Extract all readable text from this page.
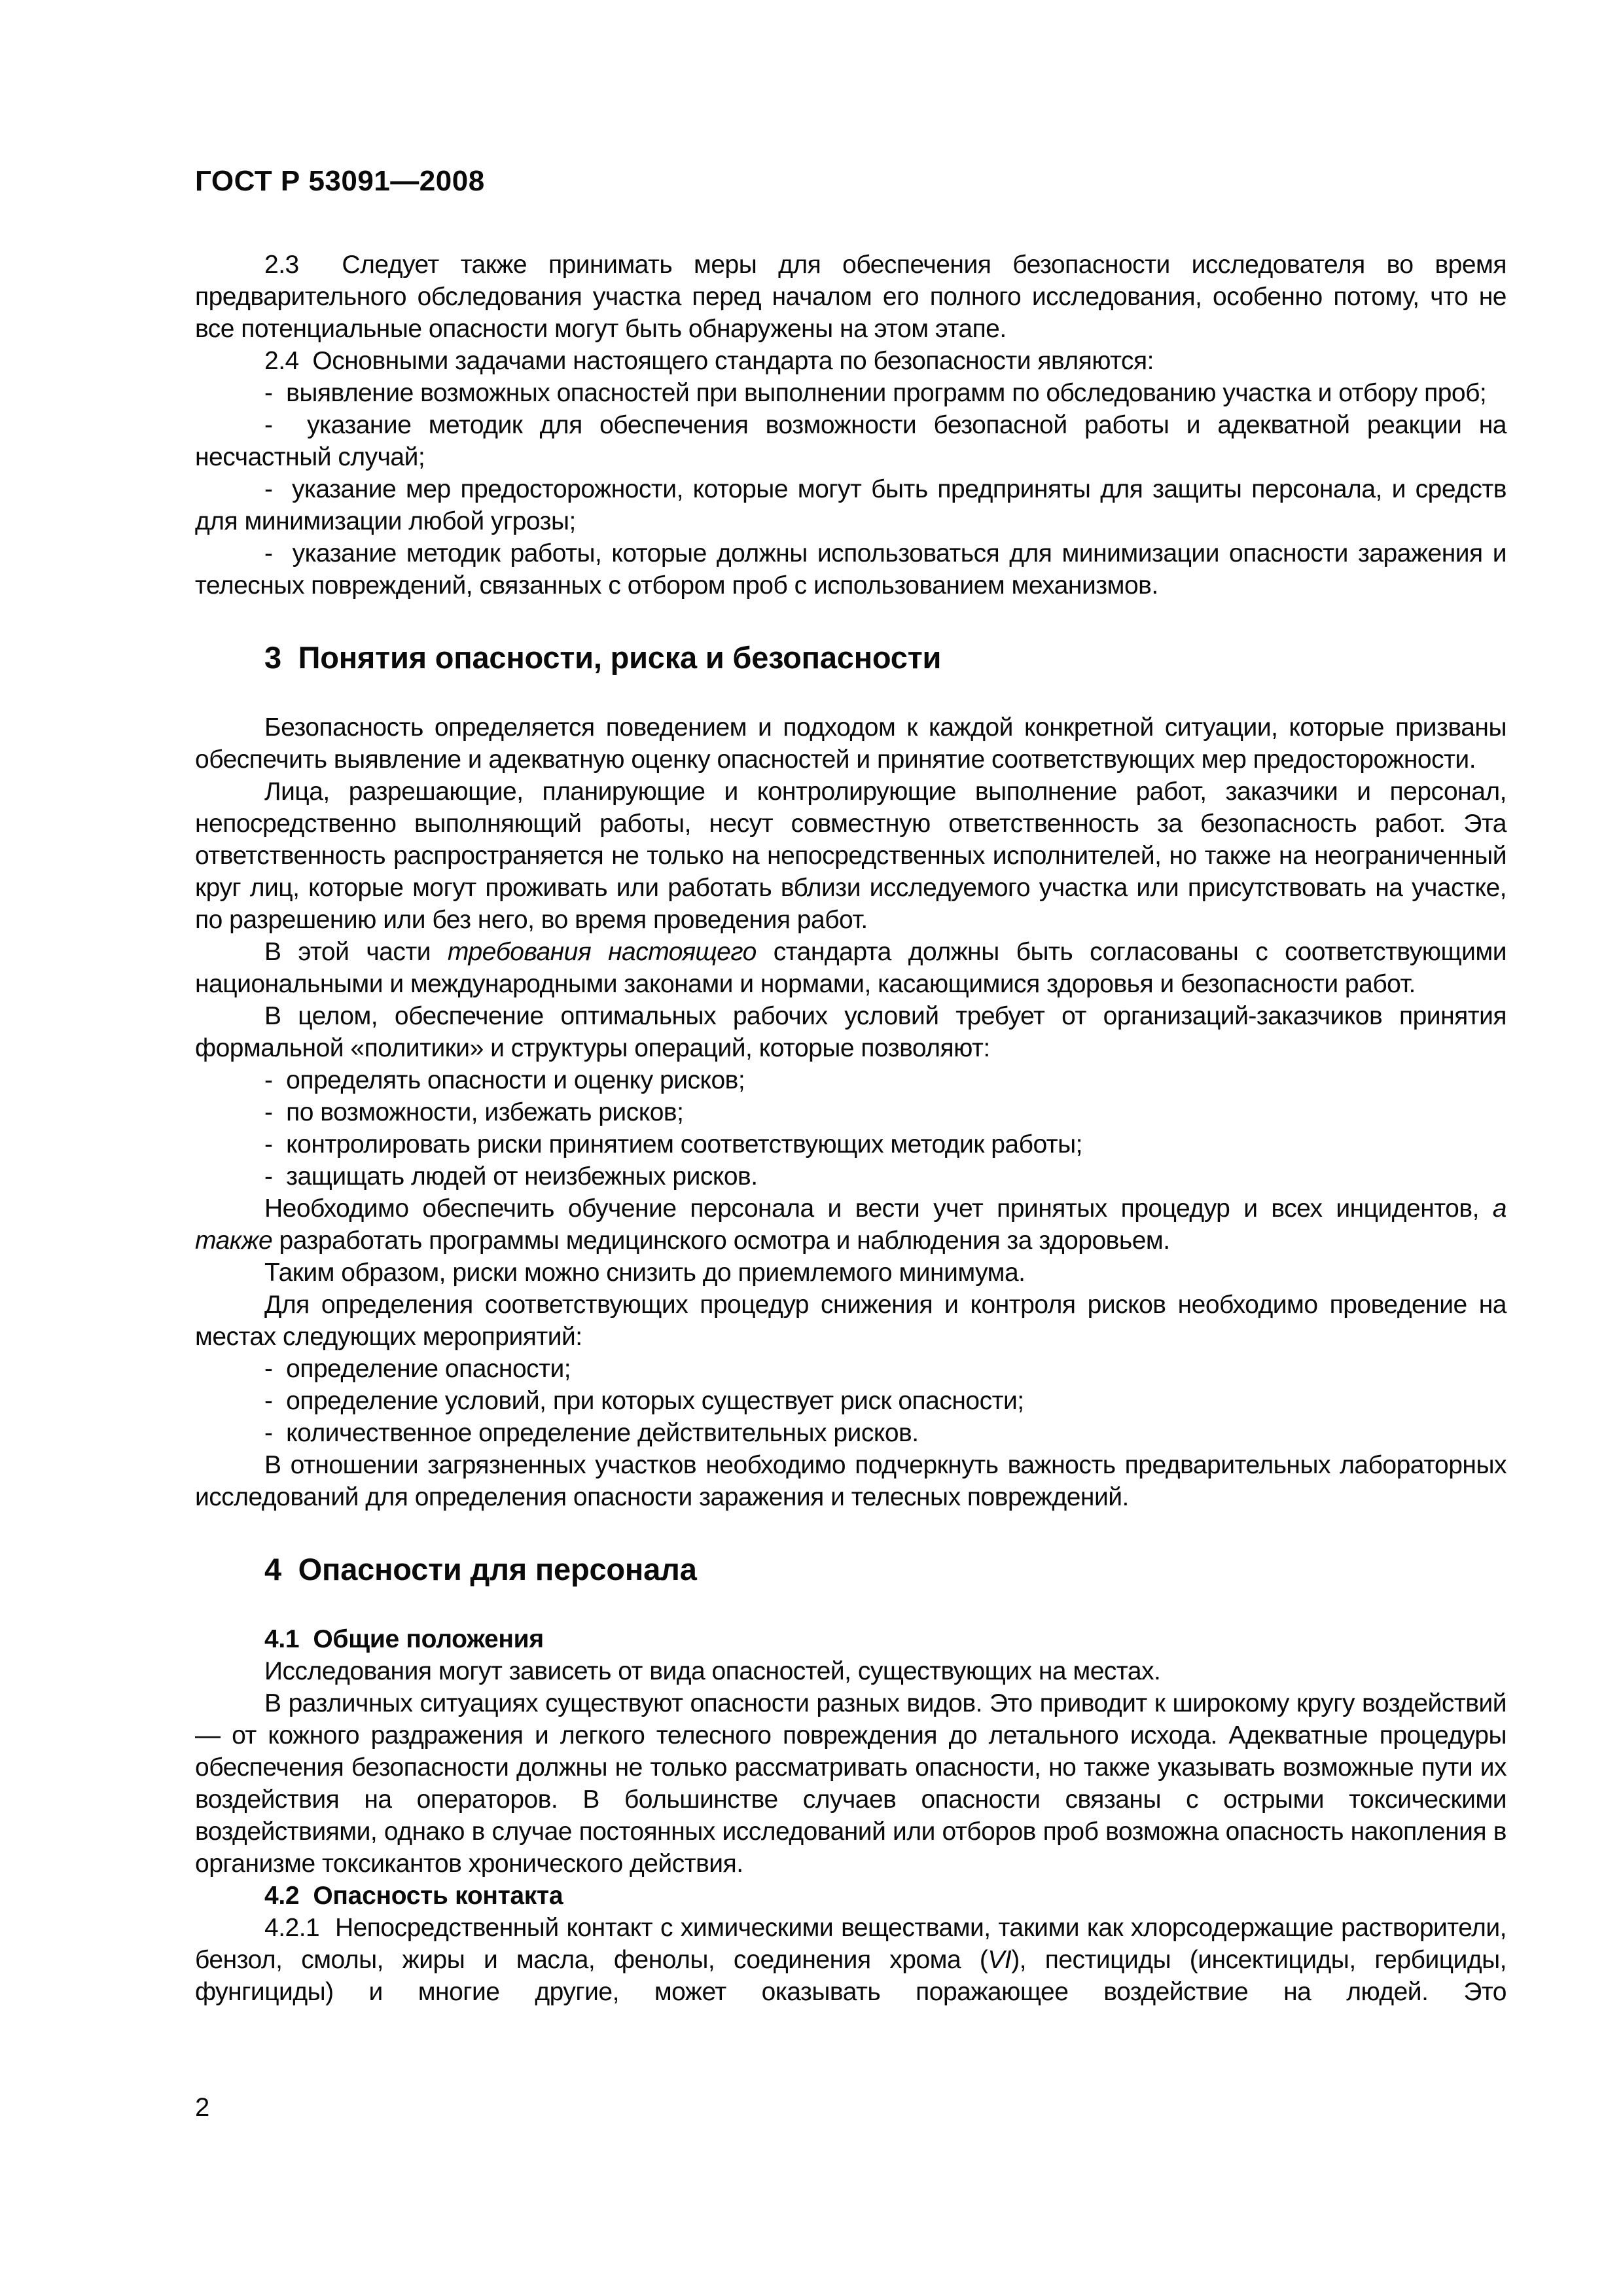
ГОСТ Р 53091—2008

2.3  Следует также принимать меры для обеспечения безопасности исследователя во время предварительного обследования участка перед началом его полного исследования, особенно потому, что не все потенциальные опасности могут быть обнаружены на этом этапе.

2.4  Основными задачами настоящего стандарта по безопасности являются:

-  выявление возможных опасностей при выполнении программ по обследованию участка и отбору проб;

-  указание методик для обеспечения возможности безопасной работы и адекватной реакции на несчастный случай;

-  указание мер предосторожности, которые могут быть предприняты для защиты персонала, и средств для минимизации любой угрозы;

-  указание методик работы, которые должны использоваться для минимизации опасности заражения и телесных повреждений, связанных с отбором проб с использованием механизмов.

3  Понятия опасности, риска и безопасности

Безопасность определяется поведением и подходом к каждой конкретной ситуации, которые призваны обеспечить выявление и адекватную оценку опасностей и принятие соответствующих мер предосторожности.

Лица, разрешающие, планирующие и контролирующие выполнение работ, заказчики и персонал, непосредственно выполняющий работы, несут совместную ответственность за безопасность работ. Эта ответственность распространяется не только на непосредственных исполнителей, но также на неограниченный круг лиц, которые могут проживать или работать вблизи исследуемого участка или присутствовать на участке, по разрешению или без него, во время проведения работ.

В этой части требования настоящего стандарта должны быть согласованы с соответствующими национальными и международными законами и нормами, касающимися здоровья и безопасности работ.

В целом, обеспечение оптимальных рабочих условий требует от организаций-заказчиков принятия формальной «политики» и структуры операций, которые позволяют:

-  определять опасности и оценку рисков;

-  по возможности, избежать рисков;

-  контролировать риски принятием соответствующих методик работы;

-  защищать людей от неизбежных рисков.

Необходимо обеспечить обучение персонала и вести учет принятых процедур и всех инцидентов, а также разработать программы медицинского осмотра и наблюдения за здоровьем.

Таким образом, риски можно снизить до приемлемого минимума.

Для определения соответствующих процедур снижения и контроля рисков необходимо проведение на местах следующих мероприятий:

-  определение опасности;

-  определение условий, при которых существует риск опасности;

-  количественное определение действительных рисков.

В отношении загрязненных участков необходимо подчеркнуть важность предварительных лабораторных исследований для определения опасности заражения и телесных повреждений.

4  Опасности для персонала
4.1  Общие положения

Исследования могут зависеть от вида опасностей, существующих на местах.

В различных ситуациях существуют опасности разных видов. Это приводит к широкому кругу воздействий — от кожного раздражения и легкого телесного повреждения до летального исхода. Адекватные процедуры обеспечения безопасности должны не только рассматривать опасности, но также указывать возможные пути их воздействия на операторов. В большинстве случаев опасности связаны с острыми токсическими воздействиями, однако в случае постоянных исследований или отборов проб возможна опасность накопления в организме токсикантов хронического действия.

4.2  Опасность контакта

4.2.1  Непосредственный контакт с химическими веществами, такими как хлорсодержащие растворители, бензол, смолы, жиры и масла, фенолы, соединения хрома (VI), пестициды (инсектициды, гербициды, фунгициды) и многие другие, может оказывать поражающее воздействие на людей. Это

2
